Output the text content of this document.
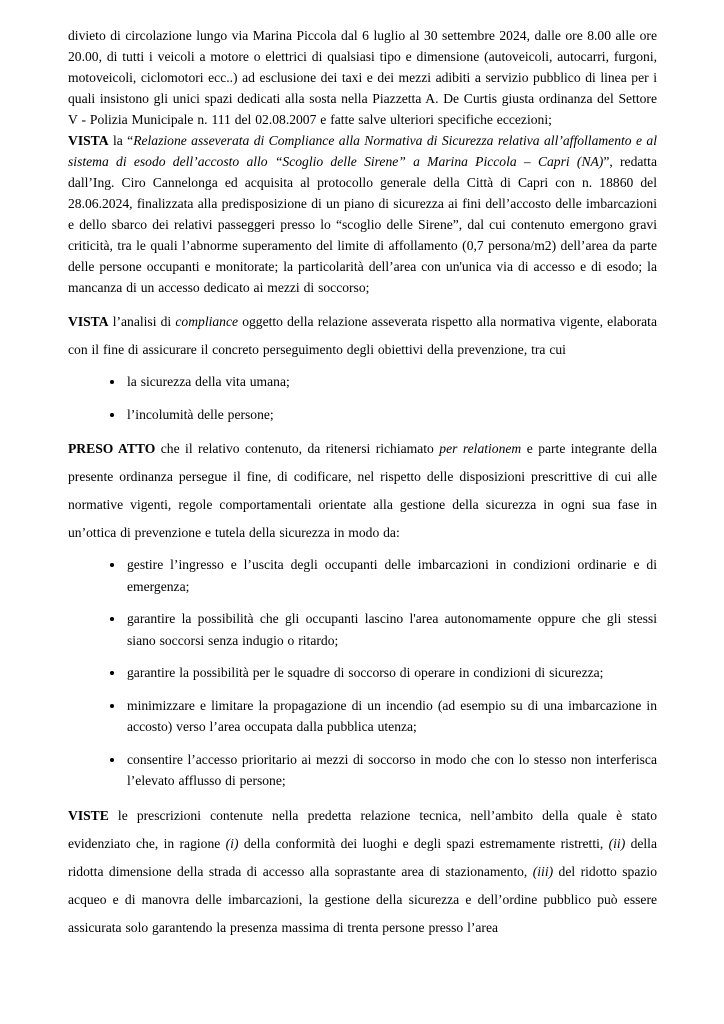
divieto di circolazione lungo via Marina Piccola dal 6 luglio al 30 settembre 2024, dalle ore 8.00 alle ore 20.00, di tutti i veicoli a motore o elettrici di qualsiasi tipo e dimensione (autoveicoli, autocarri, furgoni, motoveicoli, ciclomotori ecc..) ad esclusione dei taxi e dei mezzi adibiti a servizio pubblico di linea per i quali insistono gli unici spazi dedicati alla sosta nella Piazzetta A. De Curtis giusta ordinanza del Settore V - Polizia Municipale n. 111 del 02.08.2007 e fatte salve ulteriori specifiche eccezioni;

VISTA la “Relazione asseverata di Compliance alla Normativa di Sicurezza relativa all’affollamento e al sistema di esodo dell’accosto allo “Scoglio delle Sirene” a Marina Piccola – Capri (NA)”, redatta dall’Ing. Ciro Cannelonga ed acquisita al protocollo generale della Città di Capri con n. 18860 del 28.06.2024, finalizzata alla predisposizione di un piano di sicurezza ai fini dell’accosto delle imbarcazioni e dello sbarco dei relativi passeggeri presso lo “scoglio delle Sirene”, dal cui contenuto emergono gravi criticità, tra le quali l’abnorme superamento del limite di affollamento (0,7 persona/m2) dell’area da parte delle persone occupanti e monitorate; la particolarità dell’area con un'unica via di accesso e di esodo; la mancanza di un accesso dedicato ai mezzi di soccorso;

VISTA l’analisi di compliance oggetto della relazione asseverata rispetto alla normativa vigente, elaborata con il fine di assicurare il concreto perseguimento degli obiettivi della prevenzione, tra cui

• la sicurezza della vita umana;
• l’incolumità delle persone;

PRESO ATTO che il relativo contenuto, da ritenersi richiamato per relationem e parte integrante della presente ordinanza persegue il fine, di codificare, nel rispetto delle disposizioni prescrittive di cui alle normative vigenti, regole comportamentali orientate alla gestione della sicurezza in ogni sua fase in un’ottica di prevenzione e tutela della sicurezza in modo da:

• gestire l’ingresso e l’uscita degli occupanti delle imbarcazioni in condizioni ordinarie e di emergenza;
• garantire la possibilità che gli occupanti lascino l'area autonomamente oppure che gli stessi siano soccorsi senza indugio o ritardo;
• garantire la possibilità per le squadre di soccorso di operare in condizioni di sicurezza;
• minimizzare e limitare la propagazione di un incendio (ad esempio su di una imbarcazione in accosto) verso l’area occupata dalla pubblica utenza;
• consentire l’accesso prioritario ai mezzi di soccorso in modo che con lo stesso non interferisca l’elevato afflusso di persone;

VISTE le prescrizioni contenute nella predetta relazione tecnica, nell’ambito della quale è stato evidenziato che, in ragione (i) della conformità dei luoghi e degli spazi estremamente ristretti, (ii) della ridotta dimensione della strada di accesso alla soprastante area di stazionamento, (iii) del ridotto spazio acqueo e di manovra delle imbarcazioni, la gestione della sicurezza e dell’ordine pubblico può essere assicurata solo garantendo la presenza massima di trenta persone presso l’area
